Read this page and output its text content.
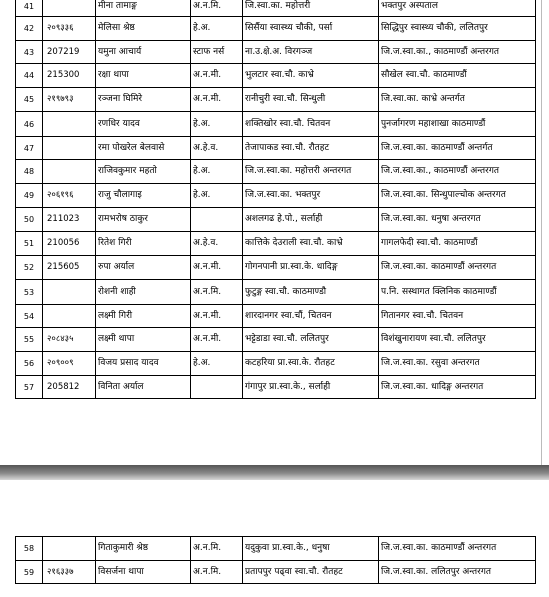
41		मीना तामाङ्ग	अ.न.मि.	जि.स्वा.का. महोत्तरी	भक्तपुर अस्पताल
42	२०९३३६	मेलिसा श्रेष्ठ	हे.अ.	सिर्सैया स्वास्थ्य चौकी, पर्सा	सिद्धिपुर स्वास्थ्य चौकी, ललितपुर
43	207219	यमुना आचार्य	स्टाफ नर्स	ना.उ.क्षे.अ. विरगञ्ज	जि.ज.स्वा.का., काठमाण्डौं अन्तरगत
44	215300	रक्षा थापा	अ.न.मी.	भुलटार स्वा.चौ. काभ्रे	सौखेल स्वा.चौ. काठमाण्डौं
45	२१९७९३	रञ्जना घिमिरे	अ.न.मी.	रानीचुरी स्वा.चौ. सिन्धुली	जि.स्वा.का. काभ्रे अन्तर्गत
46		रणधिर यादव	हे.अ.	शक्तिखोर स्वा.चौ. चितवन	पुनर्जागरण महाशाखा काठमाण्डौं
47		रमा पोखरेल बेलवासे	अ.हे.व.	तेजापाकड स्वा.चौ. रौतहट	जि.ज.स्वा.का. काठमाण्डौं अन्तर्गत
48		राजिवकुमार महतो	हे.अ.	जि.ज.स्वा.का. महोत्तरी अन्तरगत	जि.ज.स्वा.का., काठमाण्डौं अन्तरगत
49	२०६१९६	राजु चौलागाइ	हे.अ.	जि.ज.स्वा.का. भक्तपुर	जि.ज.स्वा.का. सिन्धुपाल्चोक अन्तरगत
50	211023	रामभरोष ठाकुर		अशलगढ हे.पो., सर्लाही	जि.ज.स्वा.का. धनुषा अन्तरगत
51	210056	रितेश गिरी	अ.हे.व.	कात्तिके देउराली स्वा.चौ. काभ्रे	गागलफेदी स्वा.चौ. काठमाण्डौं
52	215605	रुपा अर्याल	अ.न.मी.	गोगनपानी प्रा.स्वा.के. धादिङ्ग	जि.ज.स्वा.का. काठमाण्डौं अन्तरगत
53		रोशनी शाही	अ.न.मि.	फुटुङ्ग स्वा.चौ. काठमाण्डौ	प.नि. सस्थागत क्लिनिक काठमाण्डौं
54		लक्ष्मी गिरी	अ.न.मी.	शारदानगर स्वा.चौं, चितवन	गितानगर स्वा.चौ. चितवन
55	२०८४३५	लक्ष्मी थापा	अ.न.मी.	भट्टेडाडा स्वा.चौ. ललितपुर	विशंखुनारायण स्वा.चौ. ललितपुर
56	२०९००९	विजय प्रसाद यादव	हे.अ.	कटहरिया प्रा.स्वा.के. रौतहट	जि.ज.स्वा.का. रसुवा अन्तरगत
57	205812	विनिता अर्याल		गंगापुर प्रा.स्वा.के., सर्लाही	जि.ज.स्वा.का. धादिङ्ग अन्तरगत
58		गिताकुमारी श्रेष्ठ	अ.न.मि.	यदुकुवा प्रा.स्वा.के., धनुषा	जि.ज.स्वा.का. काठमाण्डौं अन्तरगत
59	२१६३३७	विसर्जना थापा	अ.न.मि.	प्रतापपुर पढ्वा स्वा.चौ. रौतहट	जि.ज.स्वा.का. ललितपुर अन्तरगत
